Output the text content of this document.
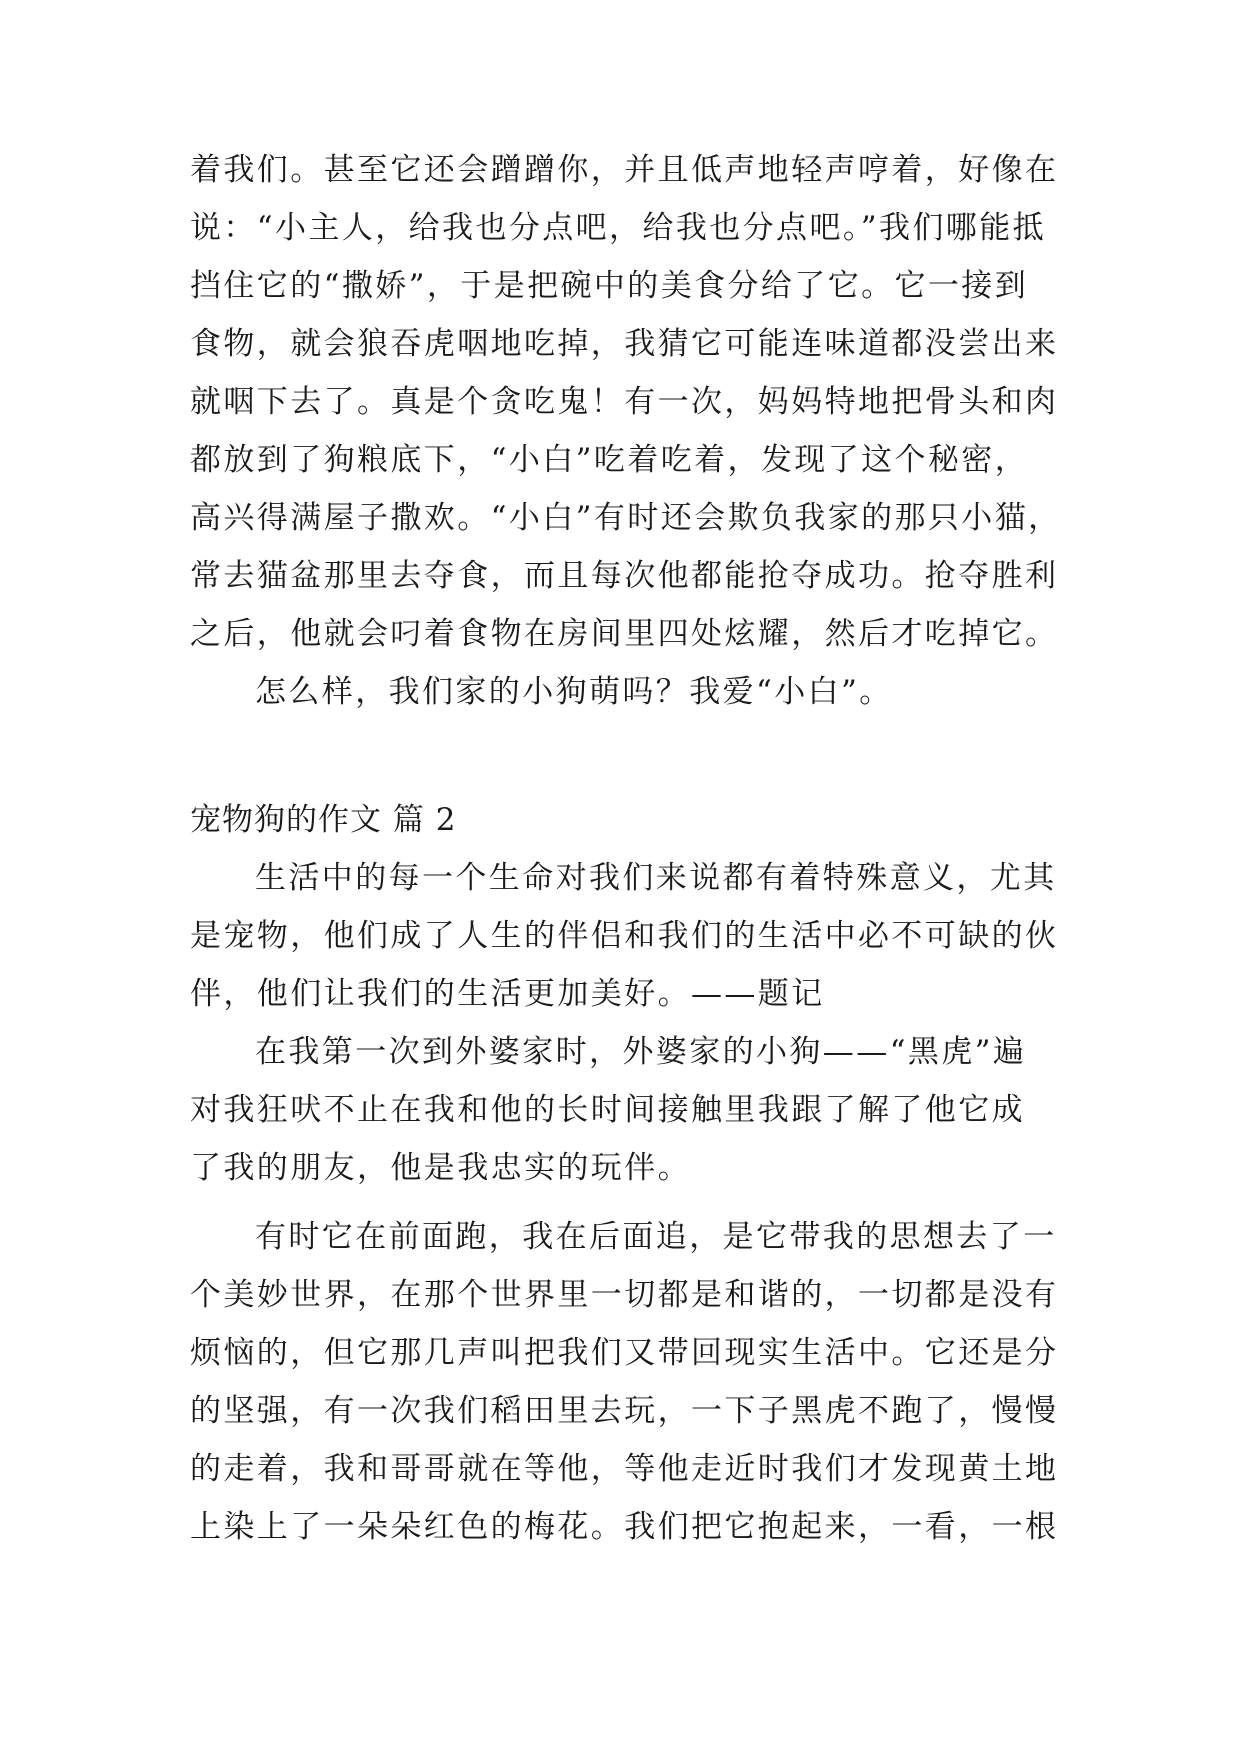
着我们。甚至它还会蹭蹭你，并且低声地轻声哼着，好像在
说：“小主人，给我也分点吧，给我也分点吧。”我们哪能抵
挡住它的“撒娇”，于是把碗中的美食分给了它。它一接到
食物，就会狼吞虎咽地吃掉，我猜它可能连味道都没尝出来
就咽下去了。真是个贪吃鬼！有一次，妈妈特地把骨头和肉
都放到了狗粮底下，“小白”吃着吃着，发现了这个秘密，
高兴得满屋子撒欢。“小白”有时还会欺负我家的那只小猫，
常去猫盆那里去夺食，而且每次他都能抢夺成功。抢夺胜利
之后，他就会叼着食物在房间里四处炫耀，然后才吃掉它。
怎么样，我们家的小狗萌吗？我爱“小白”。
宠物狗的作文 篇 2
生活中的每一个生命对我们来说都有着特殊意义，尤其
是宠物，他们成了人生的伴侣和我们的生活中必不可缺的伙
伴，他们让我们的生活更加美好。——题记
在我第一次到外婆家时，外婆家的小狗——“黑虎”遍
对我狂吠不止在我和他的长时间接触里我跟了解了他它成
了我的朋友，他是我忠实的玩伴。
有时它在前面跑，我在后面追，是它带我的思想去了一
个美妙世界，在那个世界里一切都是和谐的，一切都是没有
烦恼的，但它那几声叫把我们又带回现实生活中。它还是分
的坚强，有一次我们稻田里去玩，一下子黑虎不跑了，慢慢
的走着，我和哥哥就在等他，等他走近时我们才发现黄土地
上染上了一朵朵红色的梅花。我们把它抱起来，一看，一根
